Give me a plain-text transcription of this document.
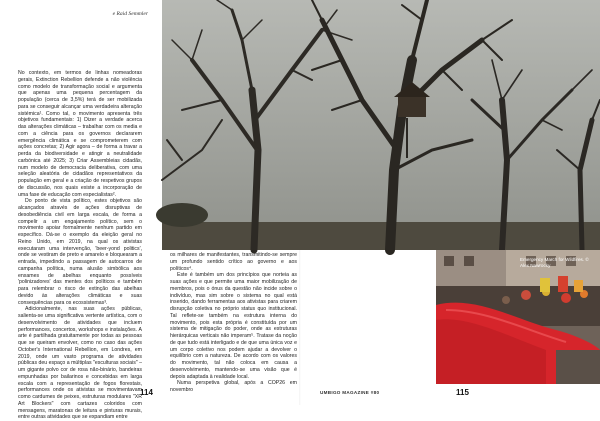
e Raid Semmler

No contexto, em termos de linhas nomeadoras gerais, Extinction Rebellion defende a não violência como modelo de transformação social e argumenta que apenas uma pequena percentagem da população (cerca de 3,5%) terá de ser mobilizada para se conseguir alcançar uma verdadeira alteração sistémica¹. Como tal, o movimento apresenta três objetivos fundamentais: 1) Dizer a verdade acerca das alterações climáticas – trabalhar com os media e com a ciência para os governos declararem emergência climática e se comprometerem com ações concretas; 2) Agir agora – de forma a travar a perda da biodiversidade e atingir a neutralidade carbónica até 2025; 3) Criar Assembleias cidadãs, num modelo de democracia deliberativa, com uma seleção aleatória de cidadãos representativos da população em geral e a criação de respetivos grupos de discussão, nos quais existe a incorporação de uma fase de educação com especialistas².

Do ponto de vista político, estes objetivos são alcançados através de ações disruptivas de desobediência civil em larga escala, de forma a compelir a um engajamento político, sem o movimento apoiar formalmente nenhum partido em específico. Dá-se o exemplo da eleição geral no Reino Unido, em 2019, na qual os ativistas executaram uma intervenção, 'beer-yond politics', onde se vestiram de preto e amarelo e bloquearam a entrada, impedindo a passagem de autocarros de campanha política, numa alusão simbólica aos enxames de abelhas enquanto possíveis 'polinizadores' das mentes dos políticos e também para relembrar o risco de extinção das abelhas devido às alterações climáticas e suas consequências para os ecossistemas³.

Adicionalmente, nas suas ações públicas, salienta-se uma significativa vertente artística, com o desenvolvimento de atividades que incluem performances, concertos, workshops e instalações. A arte é partilhada gratuitamente por todas as pessoas que se queiram envolver, como no caso das ações October's International Rebellion, em Londres, em 2019, onde um vasto programa de atividades públicas deu espaço a múltiplas "esculturas sociais" – um gigante polvo cor de rosa não-binário, bandeiras empunhadas por bailarinos e concebidas em larga escala com a representação de fogos florestais, performances onde os ativistas se movimentavam como cardumes de peixes, estruturas modulares "XR Art Blockers" com cartazes coloridos com mensagens, maratonas de leitura e pinturas murais, entre outras atividades que se expandiam entre

os milhares de manifestantes, transmitindo-se sempre um profundo sentido crítico ao governo e aos políticos⁴.

Este é também um dos princípios que norteia as suas ações e que permite uma maior mobilização de membros, pois o ónus da questão não incide sobre o indivíduo, mas sim sobre o sistema no qual está inserido, dando ferramentas aos ativistas para criarem disrupção coletiva no próprio status quo institucional. Tal reflete-se também na estrutura interna do movimento, pois esta própria é constituída por um sistema de mitigação do poder, onde as estruturas hierárquicas verticais não imperam⁵. Tratase da noção de que tudo está interligado e de que uma única voz e um corpo coletivo nos podem ajudar a devolver o equilíbrio com a natureza. De acordo com os valores do movimento, tal não coloca em causa a desenvolvimento, mantendo-se uma visão que é depois adaptada à realidade local.

Numa perspetiva global, após a COP26 em novembro

114	UMBIGO MAGAZINE #80	115
Emergency March for Wildfires. © Alex Nawrocky
